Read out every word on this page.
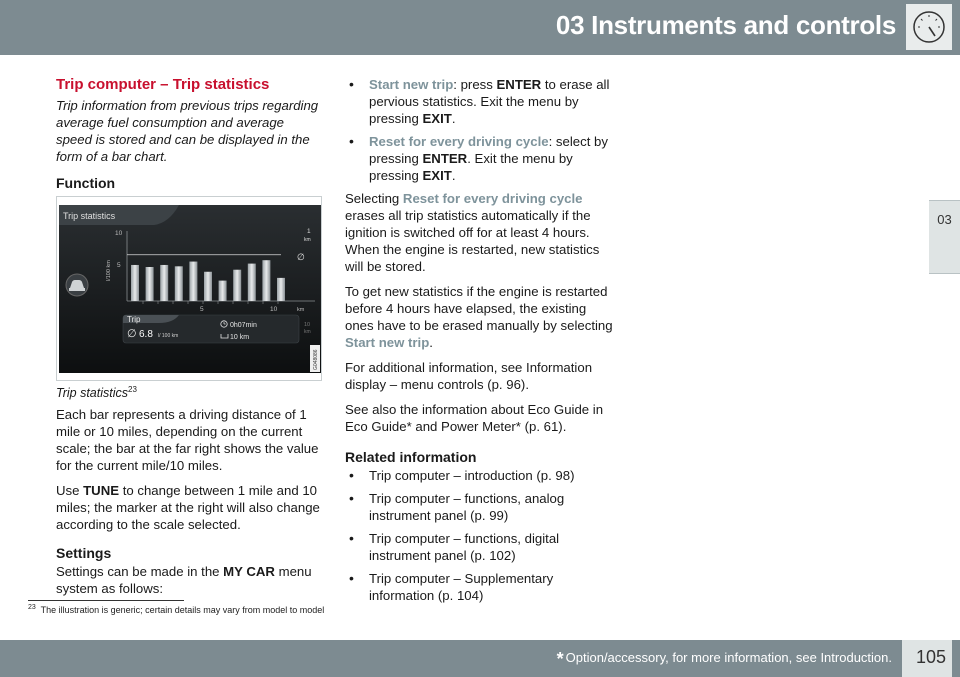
03 Instruments and controls
03
Trip computer – Trip statistics
Trip information from previous trips regarding average fuel consumption and average speed is stored and can be displayed in the form of a bar chart.
Function
Trip statistics
10
5
l/100 km
5	10	km
1
km
∅
10
km
Trip
∅ 6.8 l/ 100 km
0h07min
10 km
G048086
Trip statistics$^{23}$

Each bar represents a driving distance of 1 mile or 10 miles, depending on the current scale; the bar at the far right shows the value for the current mile/10 miles.

Use TUNE to change between 1 mile and 10 miles; the marker at the right will also change according to the scale selected.

Settings

Settings can be made in the MY CAR menu system as follows:

• Start new trip: press ENTER to erase all pervious statistics. Exit the menu by pressing EXIT.
• Reset for every driving cycle: select by pressing ENTER. Exit the menu by pressing EXIT.

Selecting Reset for every driving cycle erases all trip statistics automatically if the ignition is switched off for at least 4 hours. When the engine is restarted, new statistics will be stored.

To get new statistics if the engine is restarted before 4 hours have elapsed, the existing ones have to be erased manually by selecting Start new trip.

For additional information, see Information display – menu controls (p. 96).

See also the information about Eco Guide in Eco Guide* and Power Meter* (p. 61).

Related information
• Trip computer – introduction (p. 98)
• Trip computer – functions, analog instrument panel (p. 99)
• Trip computer – functions, digital instrument panel (p. 102)
• Trip computer – Supplementary information (p. 104)
$^{23}$ The illustration is generic; certain details may vary from model to model
* Option/accessory, for more information, see Introduction. 105
